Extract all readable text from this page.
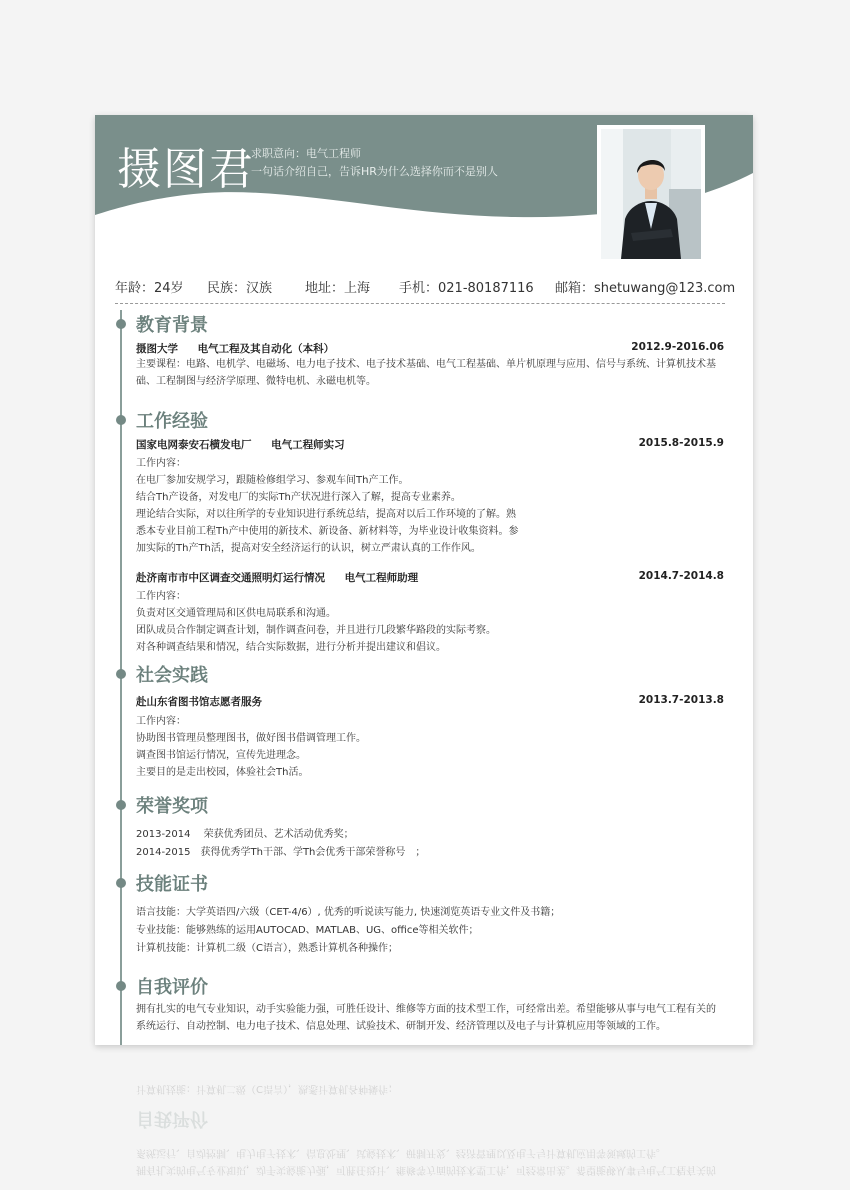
摄图君
求职意向：电气工程师
一句话介绍自己，告诉HR为什么选择你而不是别人
年龄：24岁 民族：汉族	地址：上海 手机：021-80187116 邮箱：shetuwang@123.com
教育背景
摄图大学 电气工程及其自动化（本科）	2012.9-2016.06
主要课程：电路、电机学、电磁场、电力电子技术、电子技术基础、电气工程基础、单片机原理与应用、信号与系统、计算机技术基础、工程制图与经济学原理、微特电机、永磁电机等。
工作经验
国家电网泰安石横发电厂 电气工程师实习	2015.8-2015.9
工作内容：
在电厂参加安规学习，跟随检修组学习、参观车间Th产工作。
结合Th产设备，对发电厂的实际Th产状况进行深入了解，提高专业素养。
理论结合实际，对以往所学的专业知识进行系统总结，提高对以后工作环境的了解。熟
悉本专业目前工程Th产中使用的新技术、新设备、新材料等，为毕业设计收集资料。参
加实际的Th产Th活，提高对安全经济运行的认识，树立严肃认真的工作作风。
赴济南市市中区调查交通照明灯运行情况 电气工程师助理	2014.7-2014.8
工作内容：
负责对区交通管理局和区供电局联系和沟通。
团队成员合作制定调查计划，制作调查问卷，并且进行几段繁华路段的实际考察。
对各种调查结果和情况，结合实际数据，进行分析并提出建议和倡议。
社会实践
赴山东省图书馆志愿者服务	2013.7-2013.8
工作内容：
协助图书管理员整理图书，做好图书借调管理工作。
调查图书馆运行情况，宣传先进理念。
主要目的是走出校园，体验社会Th活。
荣誉奖项
2013-2014　 荣获优秀团员、艺术活动优秀奖；
2014-2015　获得优秀学Th干部、学Th会优秀干部荣誉称号　；
技能证书
语言技能：大学英语四/六级（CET-4/6）, 优秀的听说读写能力, 快速浏览英语专业文件及书籍；
专业技能：能够熟练的运用AUTOCAD、MATLAB、UG、office等相关软件；
计算机技能：计算机二级（C语言），熟悉计算机各种操作；
自我评价
拥有扎实的电气专业知识，动手实验能力强，可胜任设计、维修等方面的技术型工作，可经常出差。希望能够从事与电气工程有关的系统运行、自动控制、电力电子技术、信息处理、试验技术、研制开发、经济管理以及电子与计算机应用等领域的工作。
拥有扎实的电气专业知识，动手实验能力强，可胜任设计、维修等方面的技术型工作，可经常出差。希望能够从事与电气工程有关的系统运行、自动控制、电力电子技术、信息处理、试验技术、研制开发、经济管理以及电子与计算机应用等领域的工作。
自我评价
计算机技能：计算机二级（C语言），熟悉计算机各种操作；
